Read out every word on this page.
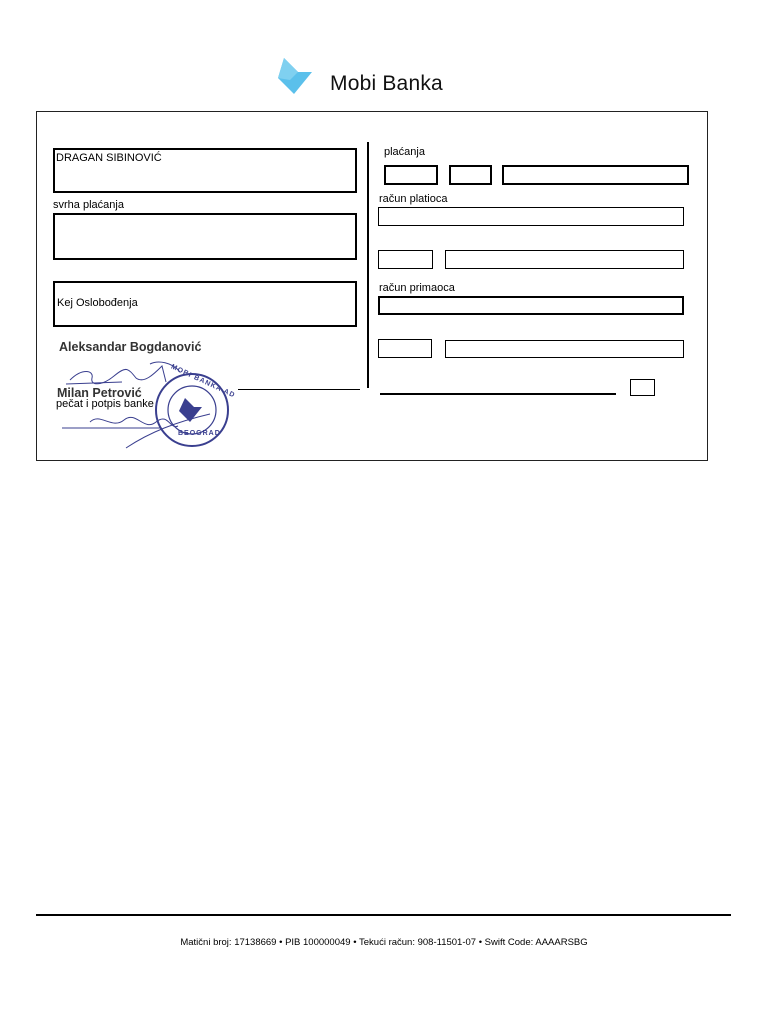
Mobi Banka
DRAGAN SIBINOVIĆ
svrha plaćanja
Kej Oslobođenja
Aleksandar Bogdanović
Milan Petrović
pečat i potpis banke
MOBI BANKA AD
BEOGRAD
plaćanja
račun platioca
račun primaoca
Matični broj: 17138669 • PIB 100000049 • Tekući račun: 908-11501-07 • Swift Code: AAAARSBG
